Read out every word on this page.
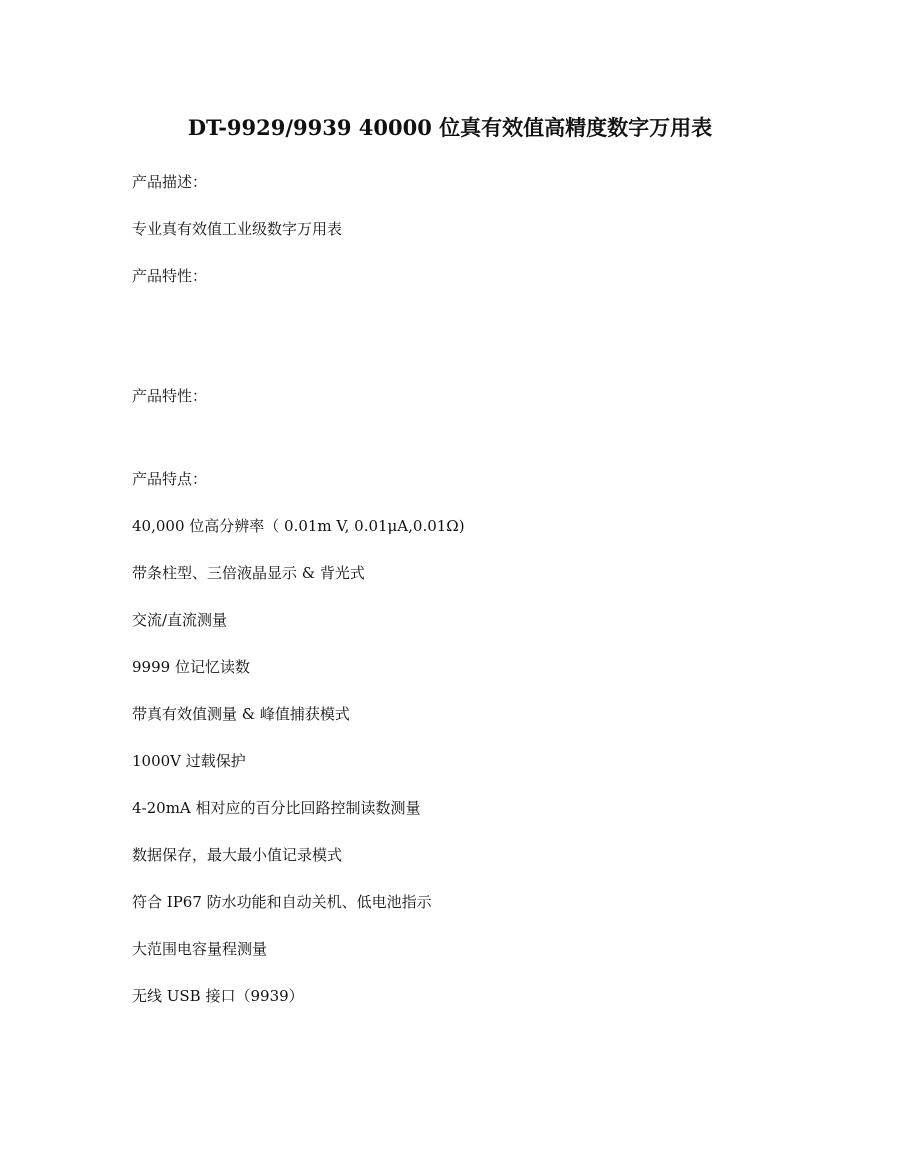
DT-9929/9939 40000 位真有效值高精度数字万用表
产品描述：
专业真有效值工业级数字万用表
产品特性：
产品特性：
产品特点：
40,000 位高分辨率（ 0.01m V, 0.01μA,0.01Ω)
带条柱型、三倍液晶显示 & 背光式
交流/直流测量
9999 位记忆读数
带真有效值测量 & 峰值捕获模式
1000V 过载保护
4-20mA 相对应的百分比回路控制读数测量
数据保存，最大最小值记录模式
符合 IP67 防水功能和自动关机、低电池指示
大范围电容量程测量
无线 USB 接口（9939）
